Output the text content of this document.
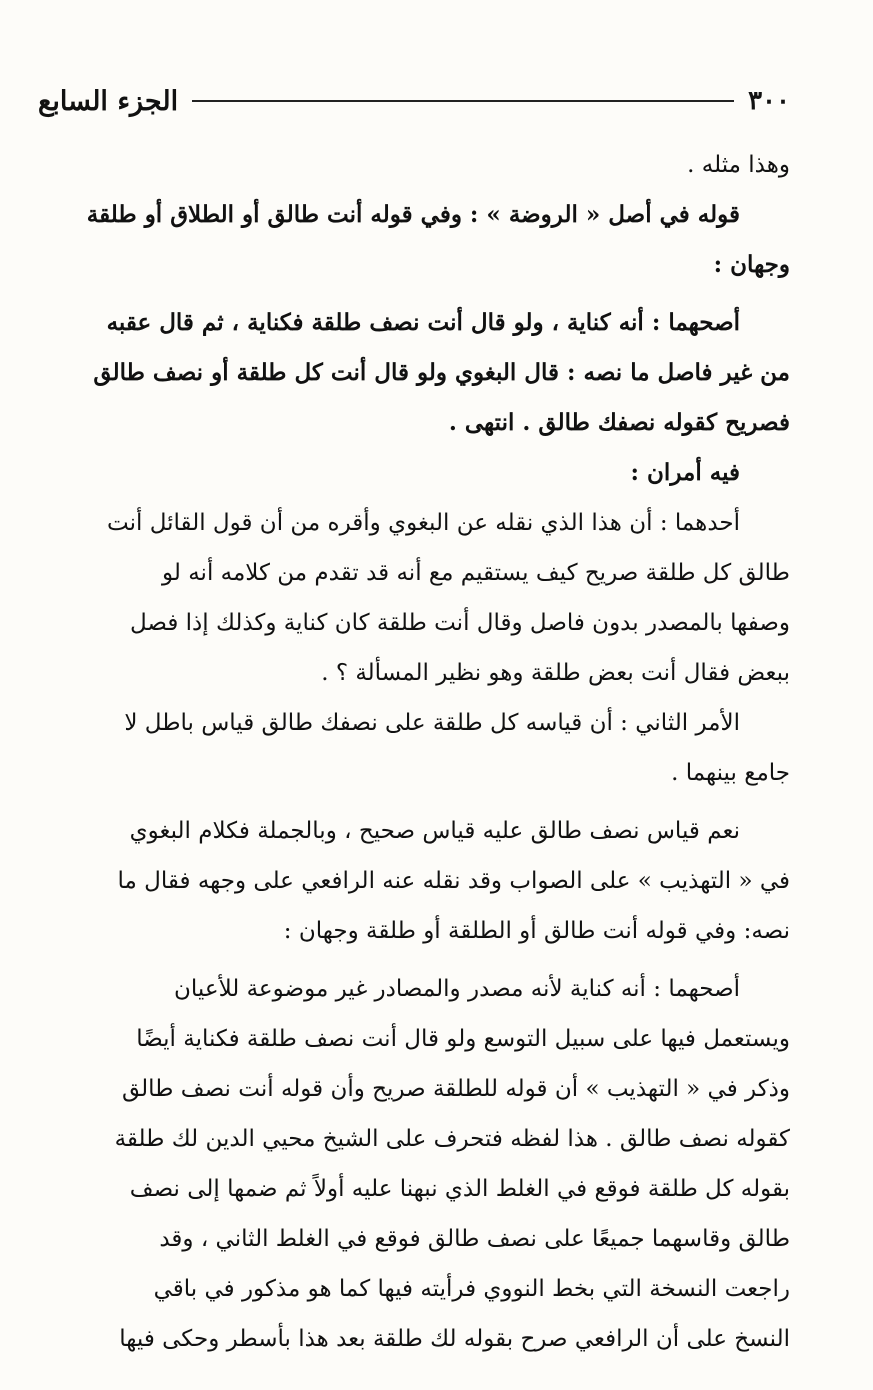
٣٠٠
الجزء السابع
وهذا مثله .
قوله في أصل « الروضة » : وفي قوله أنت طالق أو الطلاق أو طلقة
وجهان :
أصحهما : أنه كناية ، ولو قال أنت نصف طلقة فكناية ، ثم قال عقبه
من غير فاصل ما نصه : قال البغوي ولو قال أنت كل طلقة أو نصف طالق
فصريح كقوله نصفك طالق . انتهى .
فيه أمران :
أحدهما : أن هذا الذي نقله عن البغوي وأقره من أن قول القائل أنت
طالق كل طلقة صريح كيف يستقيم مع أنه قد تقدم من كلامه أنه لو
وصفها بالمصدر بدون فاصل وقال أنت طلقة كان كناية وكذلك إذا فصل
ببعض فقال أنت بعض طلقة وهو نظير المسألة ؟ .
الأمر الثاني : أن قياسه كل طلقة على نصفك طالق قياس باطل لا
جامع بينهما .
نعم قياس نصف طالق عليه قياس صحيح ، وبالجملة فكلام البغوي
في « التهذيب » على الصواب وقد نقله عنه الرافعي على وجهه فقال ما
نصه: وفي قوله أنت طالق أو الطلقة أو طلقة وجهان :
أصحهما : أنه كناية لأنه مصدر والمصادر غير موضوعة للأعيان
ويستعمل فيها على سبيل التوسع ولو قال أنت نصف طلقة فكناية أيضًا
وذكر في « التهذيب » أن قوله للطلقة صريح وأن قوله أنت نصف طالق
كقوله نصف طالق . هذا لفظه فتحرف على الشيخ محيي الدين لك طلقة
بقوله كل طلقة فوقع في الغلط الذي نبهنا عليه أولاً ثم ضمها إلى نصف
طالق وقاسهما جميعًا على نصف طالق فوقع في الغلط الثاني ، وقد
راجعت النسخة التي بخط النووي فرأيته فيها كما هو مذكور في باقي
النسخ على أن الرافعي صرح بقوله لك طلقة بعد هذا بأسطر وحكى فيها
